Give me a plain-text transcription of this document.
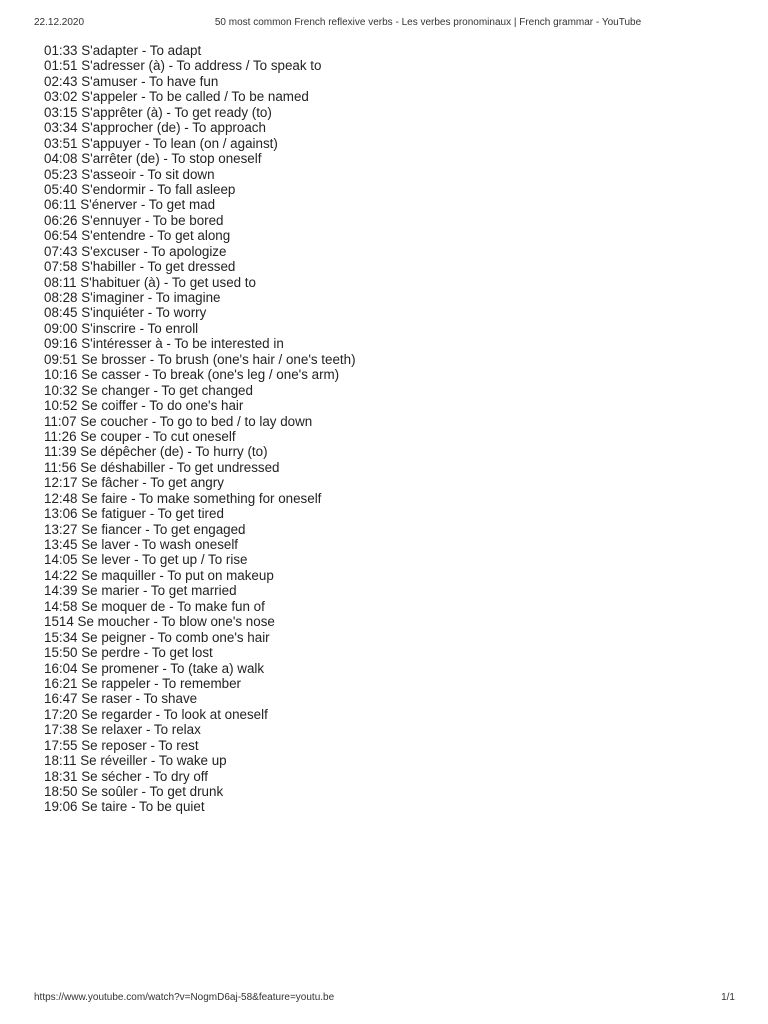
22.12.2020	50 most common French reflexive verbs - Les verbes pronominaux | French grammar - YouTube
01:33 S'adapter - To adapt
01:51 S'adresser (à) - To address / To speak to
02:43 S'amuser - To have fun
03:02 S'appeler - To be called / To be named
03:15 S'apprêter (à) - To get ready (to)
03:34 S'approcher (de) - To approach
03:51 S'appuyer - To lean (on / against)
04:08 S'arrêter (de) - To stop oneself
05:23 S'asseoir - To sit down
05:40 S'endormir - To fall asleep
06:11 S'énerver - To get mad
06:26 S'ennuyer - To be bored
06:54 S'entendre - To get along
07:43 S'excuser - To apologize
07:58 S'habiller - To get dressed
08:11 S'habituer (à) - To get used to
08:28 S'imaginer - To imagine
08:45 S'inquiéter - To worry
09:00 S'inscrire - To enroll
09:16 S'intéresser à - To be interested in
09:51 Se brosser - To brush (one's hair / one's teeth)
10:16 Se casser - To break (one's leg / one's arm)
10:32 Se changer - To get changed
10:52 Se coiffer - To do one's hair
11:07 Se coucher - To go to bed / to lay down
11:26 Se couper - To cut oneself
11:39 Se dépêcher (de) - To hurry (to)
11:56 Se déshabiller - To get undressed
12:17 Se fâcher - To get angry
12:48 Se faire - To make something for oneself
13:06 Se fatiguer - To get tired
13:27 Se fiancer - To get engaged
13:45 Se laver - To wash oneself
14:05 Se lever - To get up / To rise
14:22 Se maquiller - To put on makeup
14:39 Se marier - To get married
14:58 Se moquer de - To make fun of
1514 Se moucher - To blow one's nose
15:34 Se peigner - To comb one's hair
15:50 Se perdre - To get lost
16:04 Se promener - To (take a) walk
16:21 Se rappeler - To remember
16:47 Se raser - To shave
17:20 Se regarder - To look at oneself
17:38 Se relaxer - To relax
17:55 Se reposer - To rest
18:11 Se réveiller - To wake up
18:31 Se sécher - To dry off
18:50 Se soûler - To get drunk
19:06 Se taire - To be quiet
https://www.youtube.com/watch?v=NogmD6aj-58&feature=youtu.be	1/1
